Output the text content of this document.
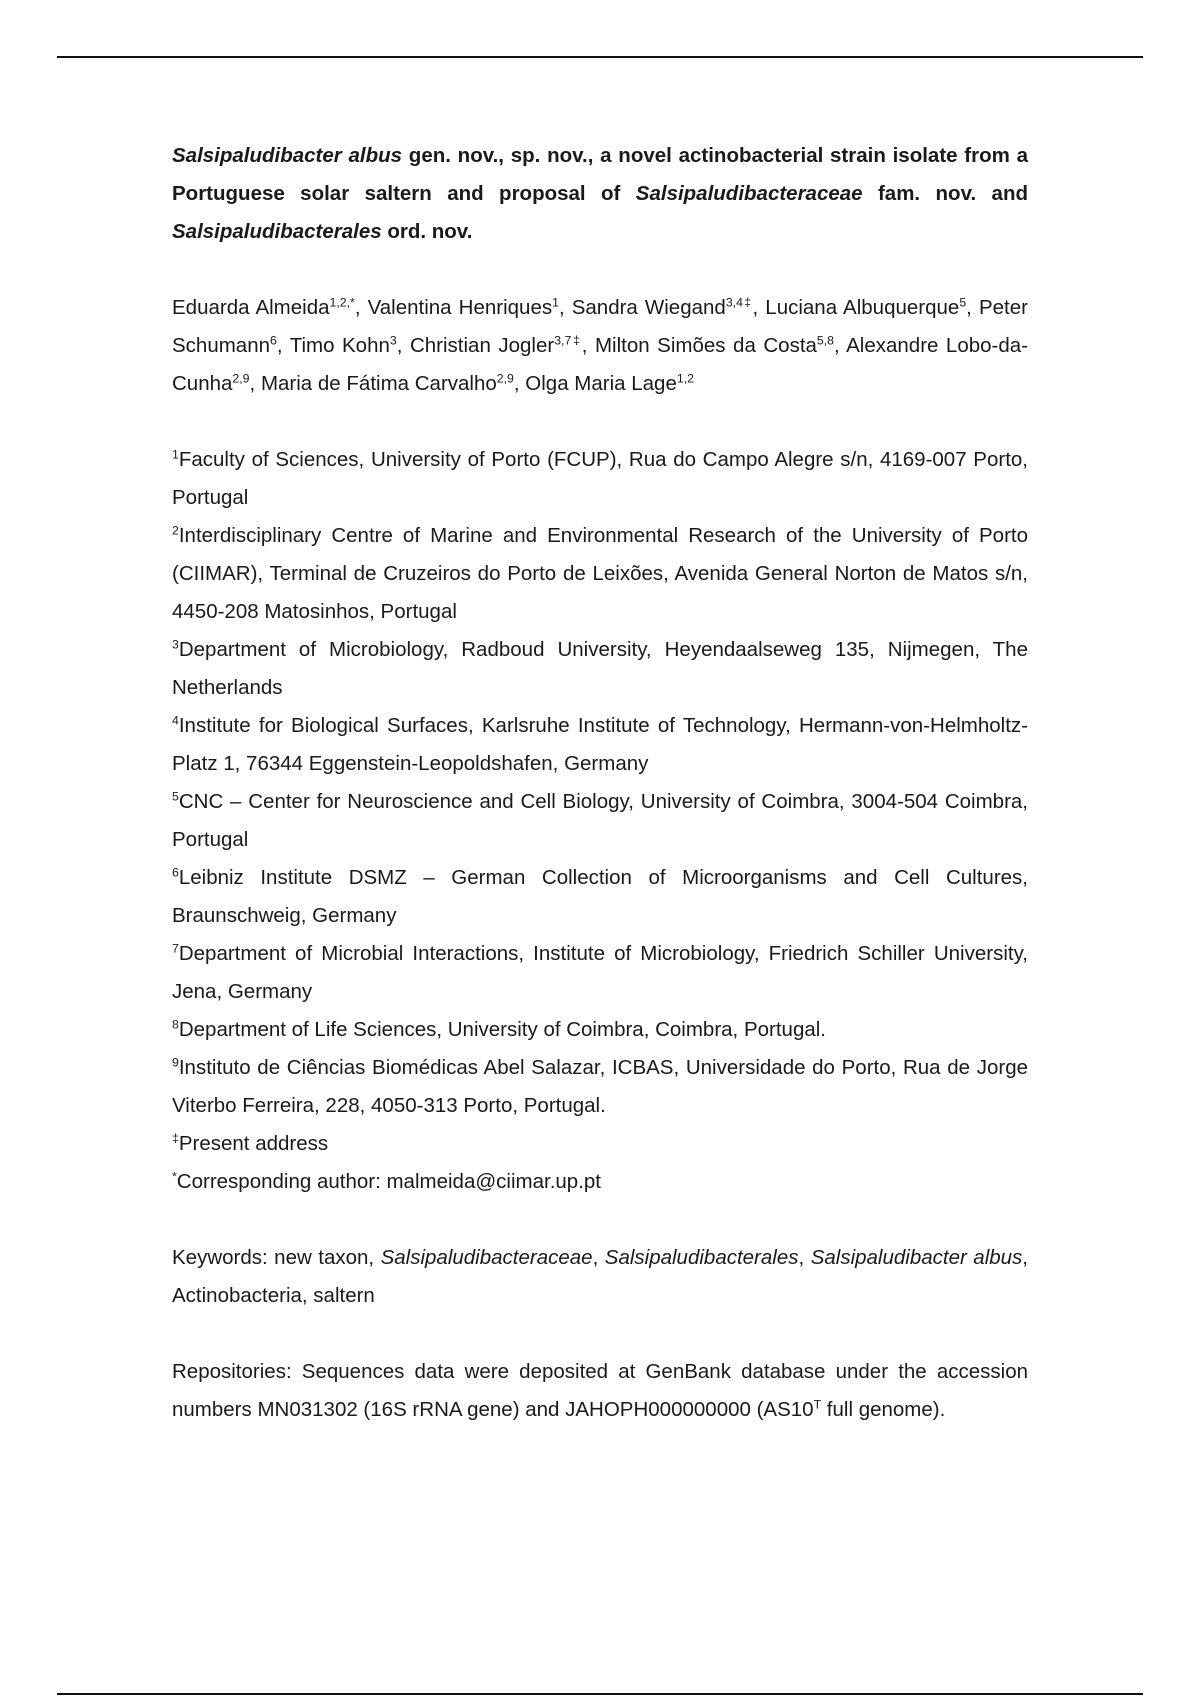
Salsipaludibacter albus gen. nov., sp. nov., a novel actinobacterial strain isolate from a Portuguese solar saltern and proposal of Salsipaludibacteraceae fam. nov. and Salsipaludibacterales ord. nov.

Eduarda Almeida$^{1,2,*}$, Valentina Henriques$^1$, Sandra Wiegand$^{3,4\ddagger}$, Luciana Albuquerque$^5$, Peter Schumann$^6$, Timo Kohn$^3$, Christian Jogler$^{3,7\ddagger}$, Milton Simões da Costa$^{5,8}$, Alexandre Lobo-da-Cunha$^{2,9}$, Maria de Fátima Carvalho$^{2,9}$, Olga Maria Lage$^{1,2}$

$^1$Faculty of Sciences, University of Porto (FCUP), Rua do Campo Alegre s/n, 4169-007 Porto, Portugal

$^2$Interdisciplinary Centre of Marine and Environmental Research of the University of Porto (CIIMAR), Terminal de Cruzeiros do Porto de Leixões, Avenida General Norton de Matos s/n, 4450-208 Matosinhos, Portugal

$^3$Department of Microbiology, Radboud University, Heyendaalseweg 135, Nijmegen, The Netherlands

$^4$Institute for Biological Surfaces, Karlsruhe Institute of Technology, Hermann-von-Helmholtz-Platz 1, 76344 Eggenstein-Leopoldshafen, Germany

$^5$CNC – Center for Neuroscience and Cell Biology, University of Coimbra, 3004-504 Coimbra, Portugal

$^6$Leibniz Institute DSMZ – German Collection of Microorganisms and Cell Cultures, Braunschweig, Germany

$^7$Department of Microbial Interactions, Institute of Microbiology, Friedrich Schiller University, Jena, Germany

$^8$Department of Life Sciences, University of Coimbra, Coimbra, Portugal.

$^9$Instituto de Ciências Biomédicas Abel Salazar, ICBAS, Universidade do Porto, Rua de Jorge Viterbo Ferreira, 228, 4050-313 Porto, Portugal.

‡Present address

*Corresponding author: malmeida@ciimar.up.pt

Keywords: new taxon, Salsipaludibacteraceae, Salsipaludibacterales, Salsipaludibacter albus, Actinobacteria, saltern

Repositories: Sequences data were deposited at GenBank database under the accession numbers MN031302 (16S rRNA gene) and JAHOPH000000000 ($AS10^T$ full genome).
